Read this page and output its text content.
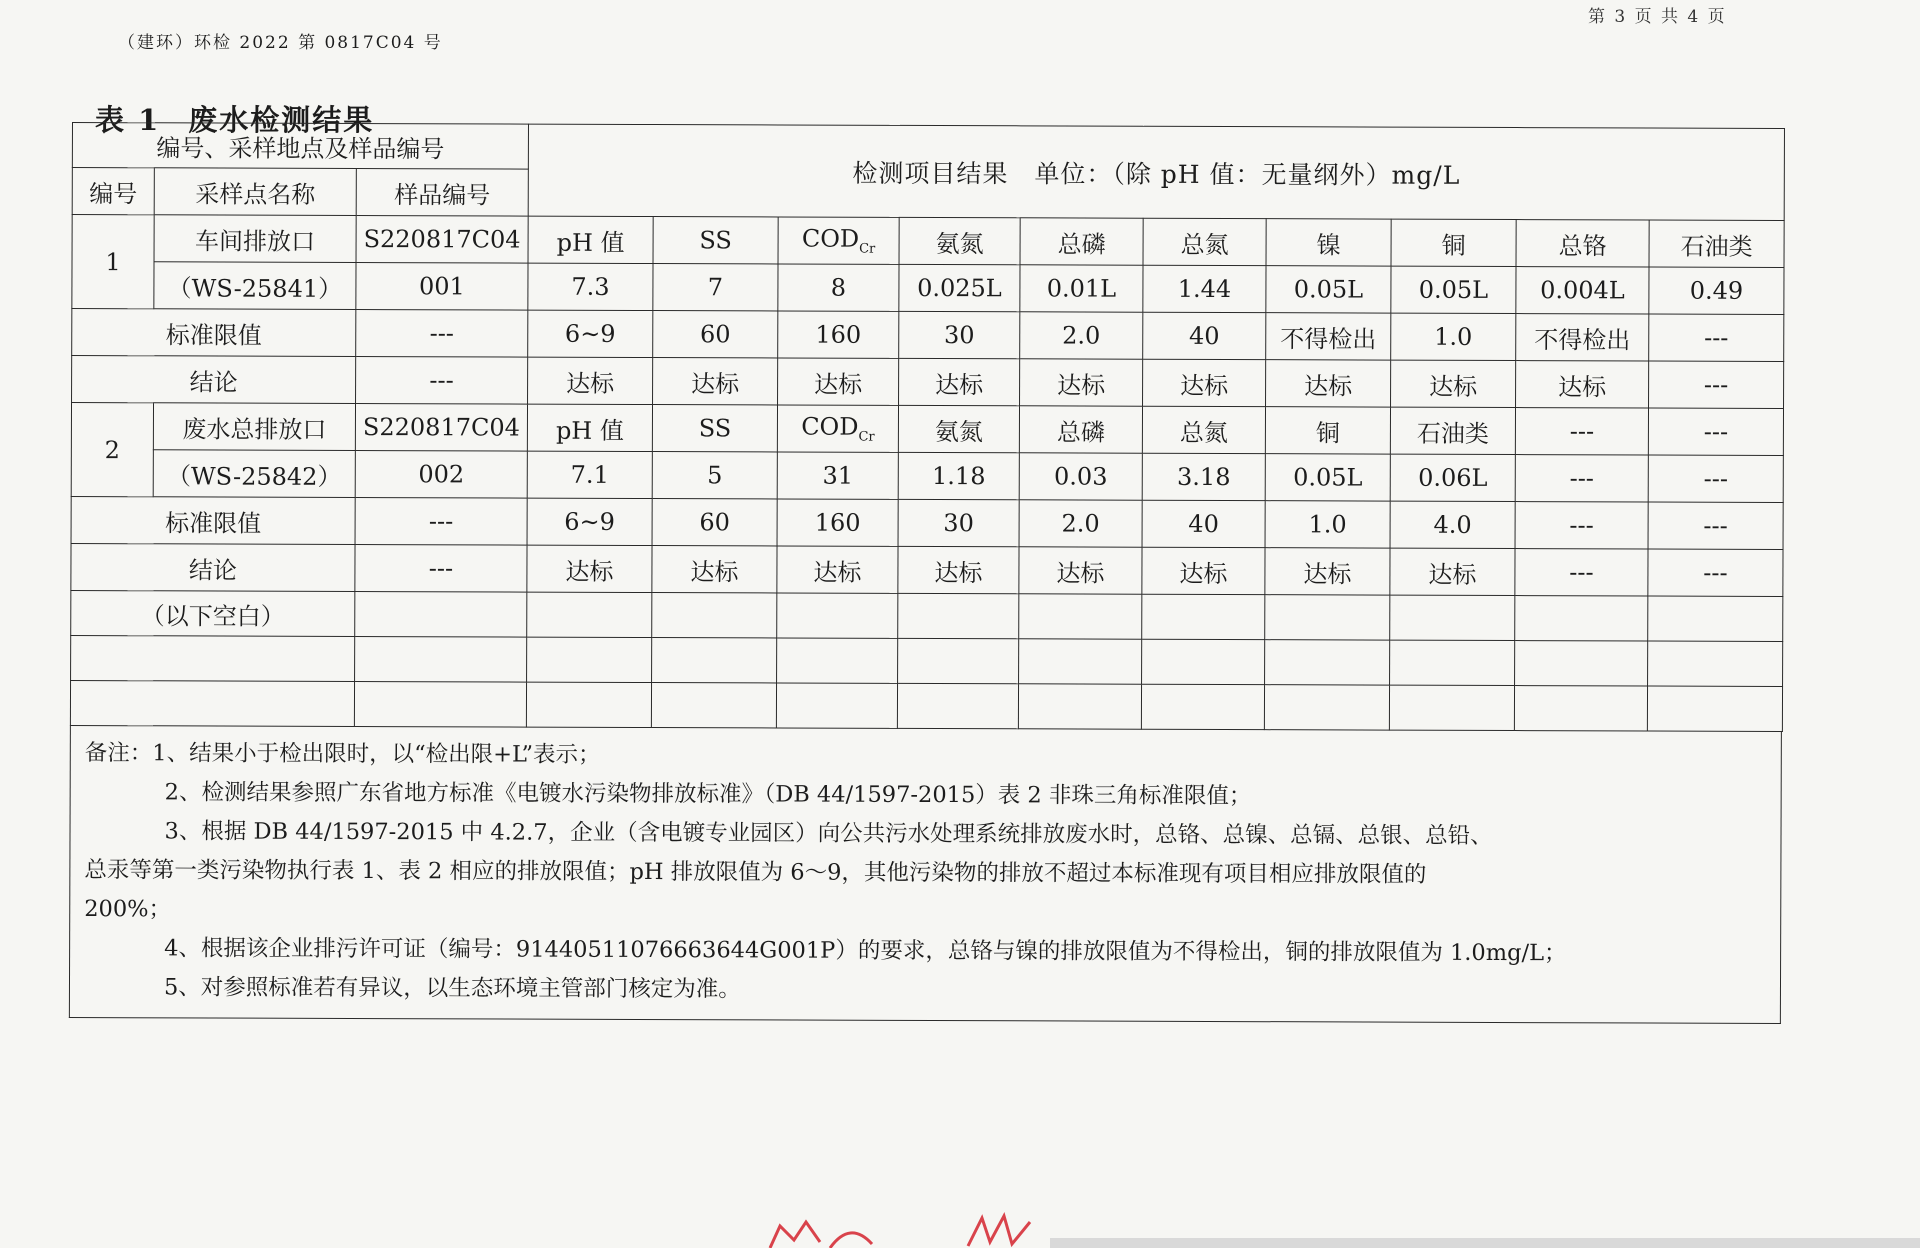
（建环）环检 2022 第 0817C04 号
第 3 页 共 4 页
表 1 废水检测结果
编号、采样地点及样品编号			检测项目结果　单位：（除 pH 值：无量纲外）mg/L									
编号	采样点名称	样品编号										
1	车间排放口	S220817C04	pH 值	SS	$COD_{Cr}$	氨氮	总磷	总氮	镍	铜	总铬	石油类
	（WS-25841）	001	7.3	7	8	0.025L	0.01L	1.44	0.05L	0.05L	0.004L	0.49
标准限值		---	6~9	60	160	30	2.0	40	不得检出	1.0	不得检出	---
结论		---	达标	达标	达标	达标	达标	达标	达标	达标	达标	---
2	废水总排放口	S220817C04	pH 值	SS	$COD_{Cr}$	氨氮	总磷	总氮	铜	石油类	---	---
	（WS-25842）	002	7.1	5	31	1.18	0.03	3.18	0.05L	0.06L	---	---
标准限值		---	6~9	60	160	30	2.0	40	1.0	4.0	---	---
结论		---	达标	达标	达标	达标	达标	达标	达标	达标	---	---
（以下空白）												

备注：1、结果小于检出限时，以“检出限+L”表示；
2、检测结果参照广东省地方标准《电镀水污染物排放标准》（DB 44/1597-2015）表 2 非珠三角标准限值；
3、根据 DB 44/1597-2015 中 4.2.7，企业（含电镀专业园区）向公共污水处理系统排放废水时，总铬、总镍、总镉、总银、总铅、
总汞等第一类污染物执行表 1、表 2 相应的排放限值；pH 排放限值为 6～9，其他污染物的排放不超过本标准现有项目相应排放限值的
200%；
4、根据该企业排污许可证（编号：91440511076663644G001P）的要求，总铬与镍的排放限值为不得检出，铜的排放限值为 1.0mg/L；
5、对参照标准若有异议，以生态环境主管部门核定为准。
